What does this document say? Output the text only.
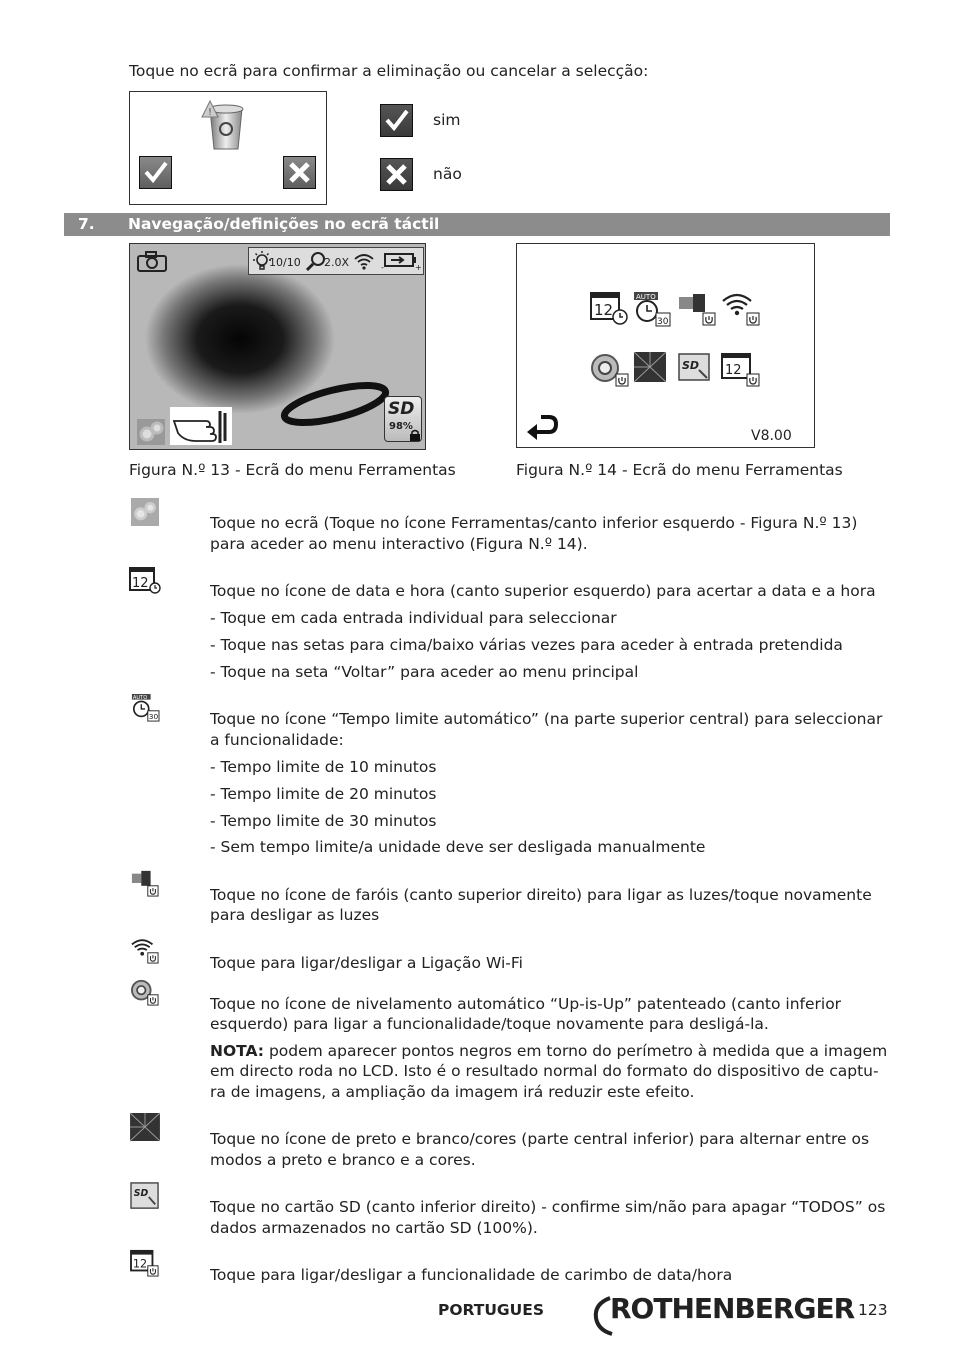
Toque no ecrã para confirmar a eliminação ou cancelar a selecção:
!	sim
não
7. Navegação/definições no ecrã táctil
10/10 2.0X	-	+
SD
98%
12
AUTO
30
SD 12
V8.00
Figura N.º 13 - Ecrã do menu Ferramentas	Figura N.º 14 - Ecrã do menu Ferramentas
Toque no ecrã (Toque no ícone Ferramentas/canto inferior esquerdo - Figura N.º 13)
para aceder ao menu interactivo (Figura N.º 14).
12	Toque no ícone de data e hora (canto superior esquerdo) para acertar a data e a hora
- Toque em cada entrada individual para seleccionar
- Toque nas setas para cima/baixo várias vezes para aceder à entrada pretendida
- Toque na seta “Voltar” para aceder ao menu principal
AUTO
30	Toque no ícone “Tempo limite automático” (na parte superior central) para seleccionar
a funcionalidade:
- Tempo limite de 10 minutos
- Tempo limite de 20 minutos
- Tempo limite de 30 minutos
- Sem tempo limite/a unidade deve ser desligada manualmente
Toque no ícone de faróis (canto superior direito) para ligar as luzes/toque novamente
para desligar as luzes
Toque para ligar/desligar a Ligação Wi-Fi
Toque no ícone de nivelamento automático “Up-is-Up” patenteado (canto inferior
esquerdo) para ligar a funcionalidade/toque novamente para desligá-la.
NOTA: podem aparecer pontos negros em torno do perímetro à medida que a imagem
em directo roda no LCD. Isto é o resultado normal do formato do dispositivo de captu-
ra de imagens, a ampliação da imagem irá reduzir este efeito.
Toque no ícone de preto e branco/cores (parte central inferior) para alternar entre os
modos a preto e branco e a cores.
SD
Toque no cartão SD (canto inferior direito) - confirme sim/não para apagar “TODOS” os
dados armazenados no cartão SD (100%).
12
Toque para ligar/desligar a funcionalidade de carimbo de data/hora
PORTUGUES ROTHENBERGER 123
